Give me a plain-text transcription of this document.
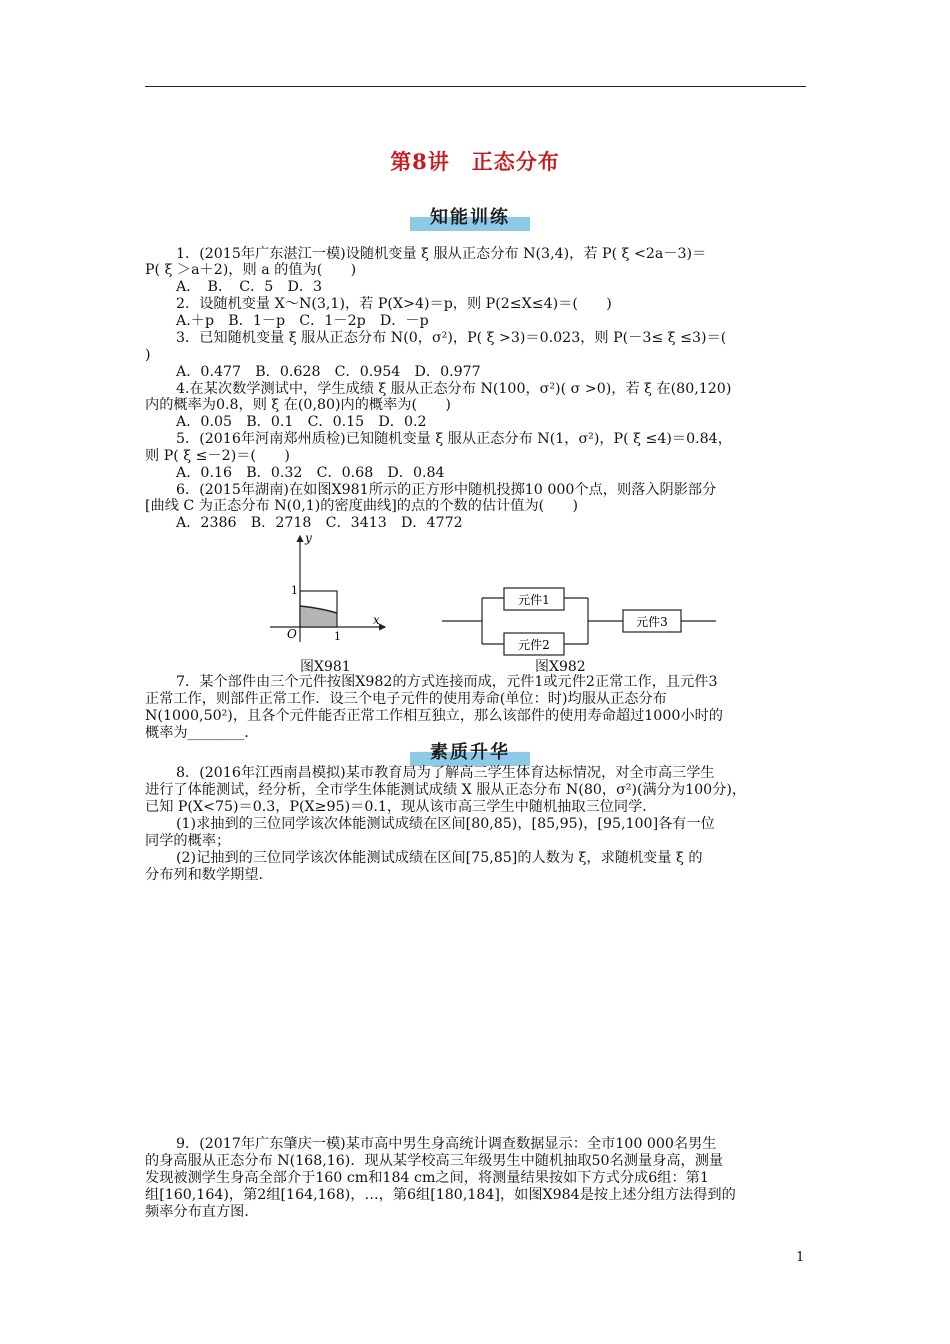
第8讲　正态分布
知能训练
1．(2015年广东湛江一模)设随机变量 ξ 服从正态分布 N(3,4)，若 P( ξ <2a－3)＝
P( ξ ＞a＋2)，则 a 的值为(　　)
A．　B．　C．5　D．3
2．设随机变量 X～N(3,1)，若 P(X>4)＝p，则 P(2≤X≤4)＝(　　)
A.＋p　B．1－p　C．1－2p　D．－p
3．已知随机变量 ξ 服从正态分布 N(0，σ²)，P( ξ >3)＝0.023，则 P(－3≤ ξ ≤3)＝(
)
A．0.477　B．0.628　C．0.954　D．0.977
4.在某次数学测试中，学生成绩 ξ 服从正态分布 N(100，σ²)( σ >0)，若 ξ 在(80,120)
内的概率为0.8，则 ξ 在(0,80)内的概率为(　　)
A．0.05　B．0.1　C．0.15　D．0.2
5．(2016年河南郑州质检)已知随机变量 ξ 服从正态分布 N(1，σ²)，P( ξ ≤4)＝0.84，
则 P( ξ ≤－2)＝(　　)
A．0.16　B．0.32　C．0.68　D．0.84
6．(2015年湖南)在如图X981所示的正方形中随机投掷10 000个点，则落入阴影部分
[曲线 C 为正态分布 N(0,1)的密度曲线]的点的个数的估计值为(　　)
A．2386　B．2718　C．3413　D．4772
y
x
O	1
1
图X981
元件1
元件2
元件3
图X982
7．某个部件由三个元件按图X982的方式连接而成，元件1或元件2正常工作，且元件3
正常工作，则部件正常工作．设三个电子元件的使用寿命(单位：时)均服从正态分布
N(1000,50²)，且各个元件能否正常工作相互独立，那么该部件的使用寿命超过1000小时的
概率为________．
素质升华
8．(2016年江西南昌模拟)某市教育局为了解高三学生体育达标情况，对全市高三学生
进行了体能测试，经分析，全市学生体能测试成绩 X 服从正态分布 N(80，σ²)(满分为100分)，
已知 P(X<75)＝0.3，P(X≥95)＝0.1，现从该市高三学生中随机抽取三位同学．
(1)求抽到的三位同学该次体能测试成绩在区间[80,85)，[85,95)，[95,100]各有一位
同学的概率；
(2)记抽到的三位同学该次体能测试成绩在区间[75,85]的人数为 ξ，求随机变量 ξ 的
分布列和数学期望．
9．(2017年广东肇庆一模)某市高中男生身高统计调查数据显示：全市100 000名男生
的身高服从正态分布 N(168,16)．现从某学校高三年级男生中随机抽取50名测量身高，测量
发现被测学生身高全部介于160 cm和184 cm之间，将测量结果按如下方式分成6组：第1
组[160,164)，第2组[164,168)，…，第6组[180,184]，如图X984是按上述分组方法得到的
频率分布直方图．
1
